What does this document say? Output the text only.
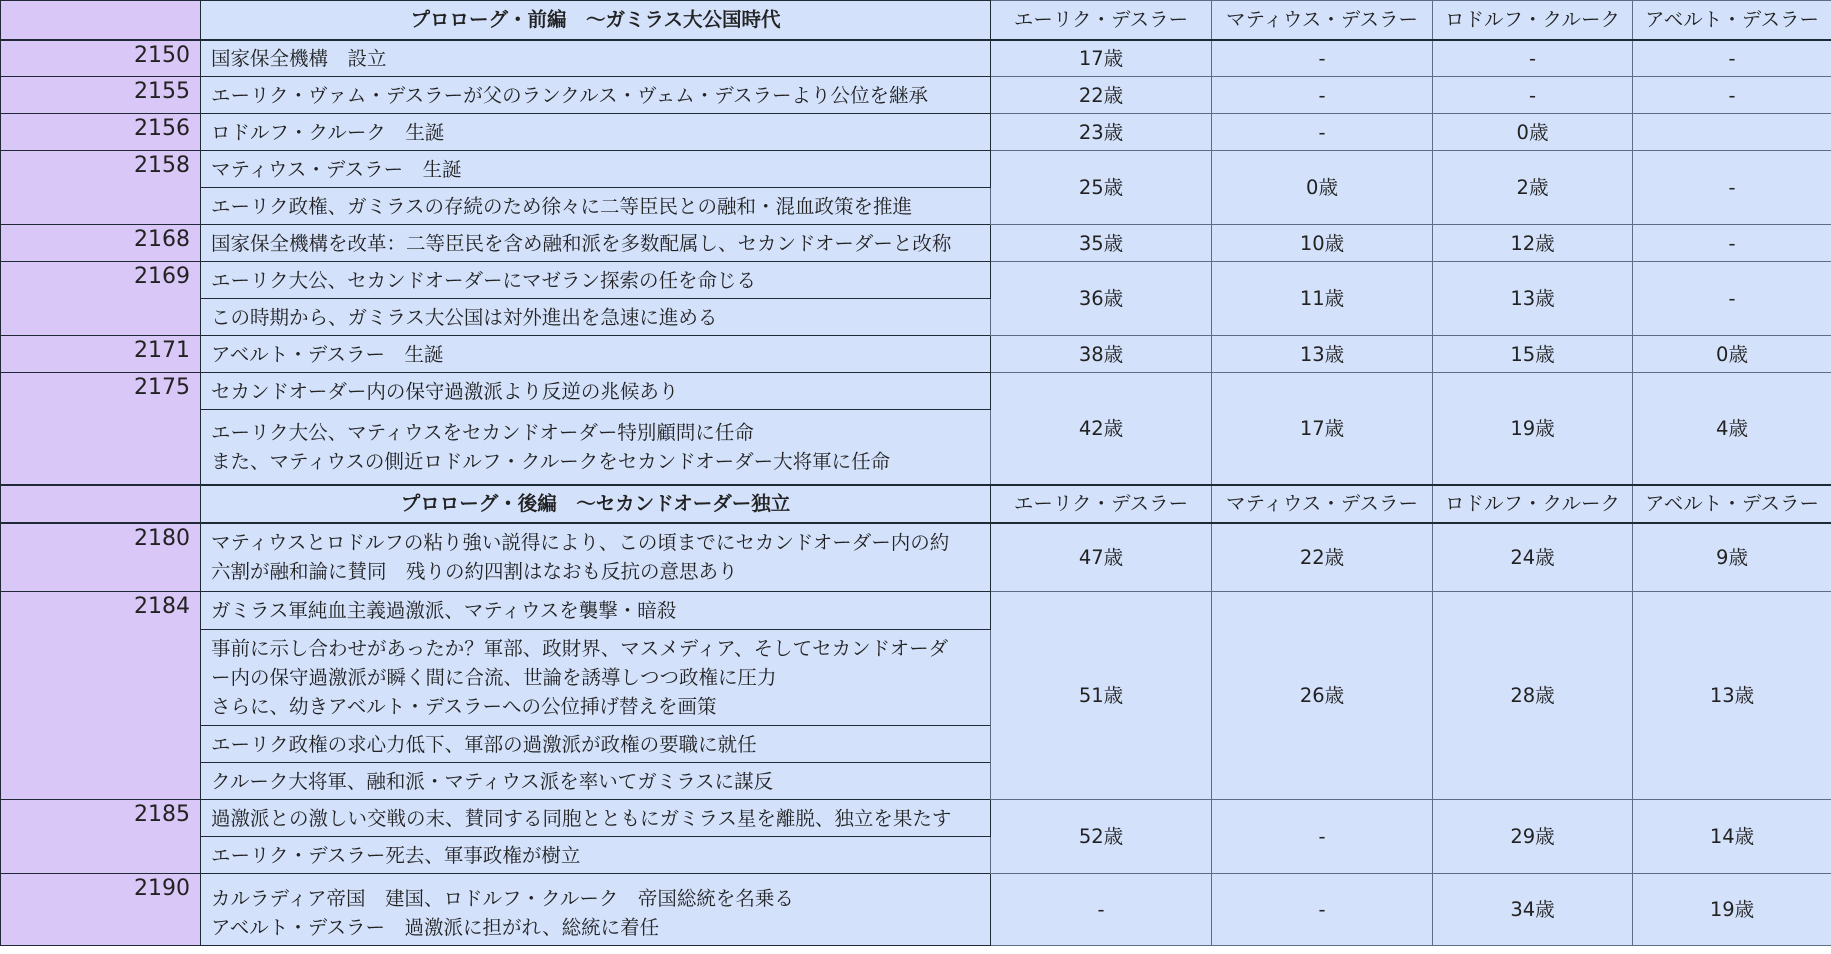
	プロローグ・前編　～ガミラス大公国時代	エーリク・デスラー	マティウス・デスラー	ロドルフ・クルーク	アベルト・デスラー
2150	国家保全機構　設立	17歳	-	-	-
2155	エーリク・ヴァム・デスラーが父のランクルス・ヴェム・デスラーより公位を継承	22歳	-	-	-
2156	ロドルフ・クルーク　生誕	23歳	-	0歳	
2158	マティウス・デスラー　生誕	25歳	0歳	2歳	-
	エーリク政権、ガミラスの存続のため徐々に二等臣民との融和・混血政策を推進				
2168	国家保全機構を改革：二等臣民を含め融和派を多数配属し、セカンドオーダーと改称	35歳	10歳	12歳	-
2169	エーリク大公、セカンドオーダーにマゼラン探索の任を命じる	36歳	11歳	13歳	-
	この時期から、ガミラス大公国は対外進出を急速に進める				
2171	アベルト・デスラー　生誕	38歳	13歳	15歳	0歳
2175	セカンドオーダー内の保守過激派より反逆の兆候あり	42歳	17歳	19歳	4歳

	エーリク大公、マティウスをセカンドオーダー特別顧問に任命
また、マティウスの側近ロドルフ・クルークをセカンドオーダー大将軍に任命				

	プロローグ・後編　～セカンドオーダー独立	エーリク・デスラー	マティウス・デスラー	ロドルフ・クルーク	アベルト・デスラー
2180	マティウスとロドルフの粘り強い説得により、この頃までにセカンドオーダー内の約
六割が融和論に賛同　残りの約四割はなおも反抗の意思あり	47歳	22歳	24歳	9歳
2184	ガミラス軍純血主義過激派、マティウスを襲撃・暗殺	51歳	26歳	28歳	13歳

	事前に示し合わせがあったか？軍部、政財界、マスメディア、そしてセカンドオーダ
ー内の保守過激派が瞬く間に合流、世論を誘導しつつ政権に圧力
さらに、幼きアベルト・デスラーへの公位挿げ替えを画策				

	エーリク政権の求心力低下、軍部の過激派が政権の要職に就任				
	クルーク大将軍、融和派・マティウス派を率いてガミラスに謀反				
2185	過激派との激しい交戦の末、賛同する同胞とともにガミラス星を離脱、独立を果たす	52歳	-	29歳	14歳
	エーリク・デスラー死去、軍事政権が樹立				
2190	カルラディア帝国　建国、ロドルフ・クルーク　帝国総統を名乗る
アベルト・デスラー　過激派に担がれ、総統に着任	-	-	34歳	19歳
